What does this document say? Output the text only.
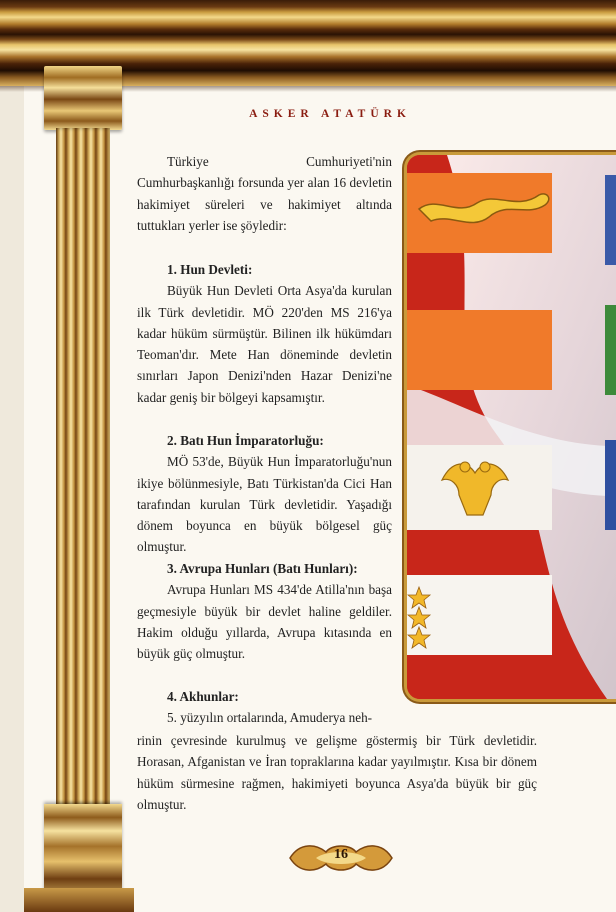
ASKER ATATÜRK

Türkiye Cumhuriyeti'nin Cumhurbaşkanlığı forsunda yer alan 16 devletin hakimiyet süreleri ve hakimiyet altında tuttukları yerler ise şöyledir:

1. Hun Devleti:

Büyük Hun Devleti Orta Asya'da kurulan ilk Türk devletidir. MÖ 220'den MS 216'ya kadar hüküm sürmüştür. Bilinen ilk hükümdarı Teoman'dır. Mete Han döneminde devletin sınırları Japon Denizi'nden Hazar Denizi'ne kadar geniş bir bölgeyi kapsamıştır.

2. Batı Hun İmparatorluğu:

MÖ 53'de, Büyük Hun İmparatorluğu'nun ikiye bölünmesiyle, Batı Türkistan'da Cici Han tarafından kurulan Türk devletidir. Yaşadığı dönem boyunca en büyük bölgesel güç olmuştur.

3. Avrupa Hunları (Batı Hunları):

Avrupa Hunları MS 434'de Atilla'nın başa geçmesiyle büyük bir devlet haline geldiler. Hakim olduğu yıllarda, Avrupa kıtasında en büyük güç olmuştur.

4. Akhunlar:

5. yüzyılın ortalarında, Amuderya neh-

rinin çevresinde kurulmuş ve gelişme göstermiş bir Türk devletidir. Horasan, Afganistan ve İran topraklarına kadar yayılmıştır. Kısa bir dönem hüküm sürmesine rağmen, hakimiyeti boyunca Asya'da büyük bir güç olmuştur.

16
